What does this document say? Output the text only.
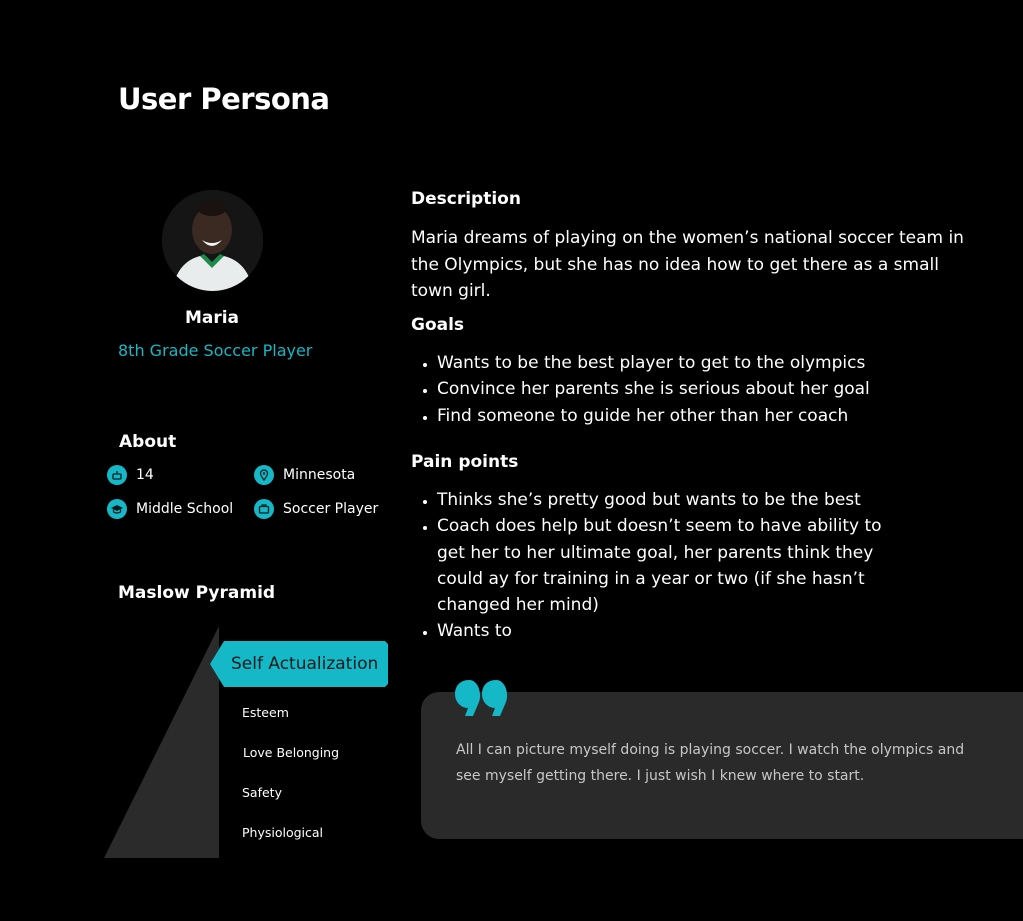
User Persona
Maria
8th Grade Soccer Player
About
14	Minnesota
Middle School	Soccer Player
Maslow Pyramid
Self Actualization
Esteem
Love Belonging
Safety
Physiological
Description
Maria dreams of playing on the women’s national soccer team in the Olympics, but she has no idea how to get there as a small town girl.
Goals
• Wants to be the best player to get to the olympics
• Convince her parents she is serious about her goal
• Find someone to guide her other than her coach
Pain points
• Thinks she’s pretty good but wants to be the best
• Coach does help but doesn’t seem to have ability to get her to her ultimate goal, her parents think they could ay for training in a year or two (if she hasn’t changed her mind)
• Wants to
All I can picture myself doing is playing soccer. I watch the olympics and see myself getting there. I just wish I knew where to start.
